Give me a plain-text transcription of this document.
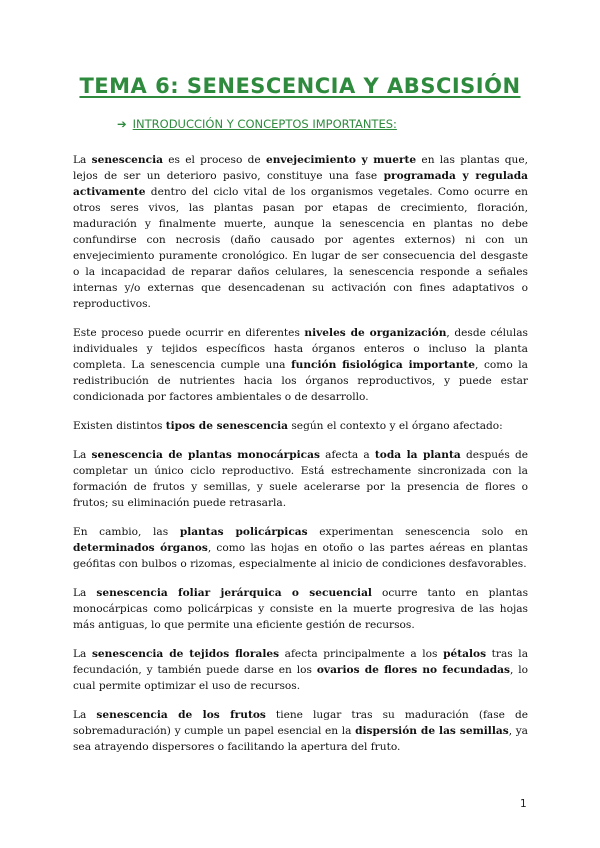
TEMA 6: SENESCENCIA Y ABSCISIÓN
➔ INTRODUCCIÓN Y CONCEPTOS IMPORTANTES:

La senescencia es el proceso de envejecimiento y muerte en las plantas que, lejos de ser un deterioro pasivo, constituye una fase programada y regulada activamente dentro del ciclo vital de los organismos vegetales. Como ocurre en otros seres vivos, las plantas pasan por etapas de crecimiento, floración, maduración y finalmente muerte, aunque la senescencia en plantas no debe confundirse con necrosis (daño causado por agentes externos) ni con un envejecimiento puramente cronológico. En lugar de ser consecuencia del desgaste o la incapacidad de reparar daños celulares, la senescencia responde a señales internas y/o externas que desencadenan su activación con fines adaptativos o reproductivos.

Este proceso puede ocurrir en diferentes niveles de organización, desde células individuales y tejidos específicos hasta órganos enteros o incluso la planta completa. La senescencia cumple una función fisiológica importante, como la redistribución de nutrientes hacia los órganos reproductivos, y puede estar condicionada por factores ambientales o de desarrollo.

Existen distintos tipos de senescencia según el contexto y el órgano afectado:

La senescencia de plantas monocárpicas afecta a toda la planta después de completar un único ciclo reproductivo. Está estrechamente sincronizada con la formación de frutos y semillas, y suele acelerarse por la presencia de flores o frutos; su eliminación puede retrasarla.

En cambio, las plantas policárpicas experimentan senescencia solo en determinados órganos, como las hojas en otoño o las partes aéreas en plantas geófitas con bulbos o rizomas, especialmente al inicio de condiciones desfavorables.

La senescencia foliar jerárquica o secuencial ocurre tanto en plantas monocárpicas como policárpicas y consiste en la muerte progresiva de las hojas más antiguas, lo que permite una eficiente gestión de recursos.

La senescencia de tejidos florales afecta principalmente a los pétalos tras la fecundación, y también puede darse en los ovarios de flores no fecundadas, lo cual permite optimizar el uso de recursos.

La senescencia de los frutos tiene lugar tras su maduración (fase de sobremaduración) y cumple un papel esencial en la dispersión de las semillas, ya sea atrayendo dispersores o facilitando la apertura del fruto.

1
